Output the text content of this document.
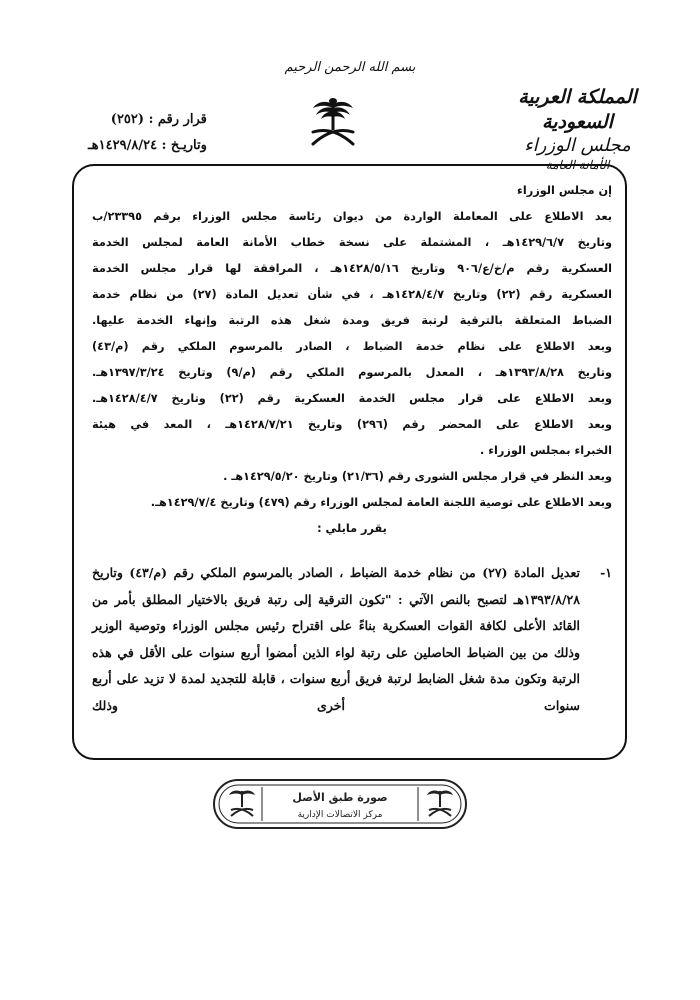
بسم الله الرحمن الرحيم
المملكة العربية السعودية
مجلس الوزراء
الأمانة العامة
قرار رقم : (٢٥٢)
وتاريـخ : ١٤٢٩/٨/٢٤هـ

إن مجلس الوزراء

بعد الاطلاع على المعاملة الواردة من ديوان رئاسة مجلس الوزراء برقم ٢٣٣٩٥/ب

وتاريخ ١٤٢٩/٦/٧هـ ، المشتملة على نسخة خطاب الأمانة العامة لمجلس الخدمة

العسكرية رقم م/خ/ع/٩٠٦ وتاريخ ١٤٢٨/٥/١٦هـ ، المرافقة لها قرار مجلس الخدمة

العسكرية رقم (٢٢) وتاريخ ١٤٢٨/٤/٧هـ ، في شأن تعديل المادة (٢٧) من نظام خدمة

الضباط المتعلقة بالترقية لرتبة فريق ومدة شغل هذه الرتبة وإنهاء الخدمة عليها.

وبعد الاطلاع على نظام خدمة الضباط ، الصادر بالمرسوم الملكي رقم (م/٤٣)

وتاريخ ١٣٩٣/٨/٢٨هـ ، المعدل بالمرسوم الملكي رقم (م/٩) وتاريخ ١٣٩٧/٣/٢٤هـ.

وبعد الاطلاع على قرار مجلس الخدمة العسكرية رقم (٢٢) وتاريخ ١٤٢٨/٤/٧هـ.

وبعد الاطلاع على المحضر رقم (٢٩٦) وتاريخ ١٤٢٨/٧/٢١هـ ، المعد في هيئة

الخبراء بمجلس الوزراء .

وبعد النظر في قرار مجلس الشورى رقم (٢١/٣٦) وتاريخ ١٤٢٩/٥/٢٠هـ .

وبعد الاطلاع على توصية اللجنة العامة لمجلس الوزراء رقم (٤٧٩) وتاريخ ١٤٢٩/٧/٤هـ.

يقرر مايلي :

١-
تعديل المادة (٢٧) من نظام خدمة الضباط ، الصادر بالمرسوم الملكي رقم (م/٤٣) وتاريخ ١٣٩٣/٨/٢٨هـ لتصبح بالنص الآتي : "تكون الترقية إلى رتبة فريق بالاختيار المطلق بأمر من القائد الأعلى لكافة القوات العسكرية بناءً على اقتراح رئيس مجلس الوزراء وتوصية الوزير وذلك من بين الضباط الحاصلين على رتبة لواء الذين أمضوا أربع سنوات على الأقل في هذه الرتبة وتكون مدة شغل الضابط لرتبة فريق أربع سنوات ، قابلة للتجديد لمدة لا تزيد على أربع سنوات أخرى وذلك
صورة طبق الأصل
مركز الاتصالات الإدارية
